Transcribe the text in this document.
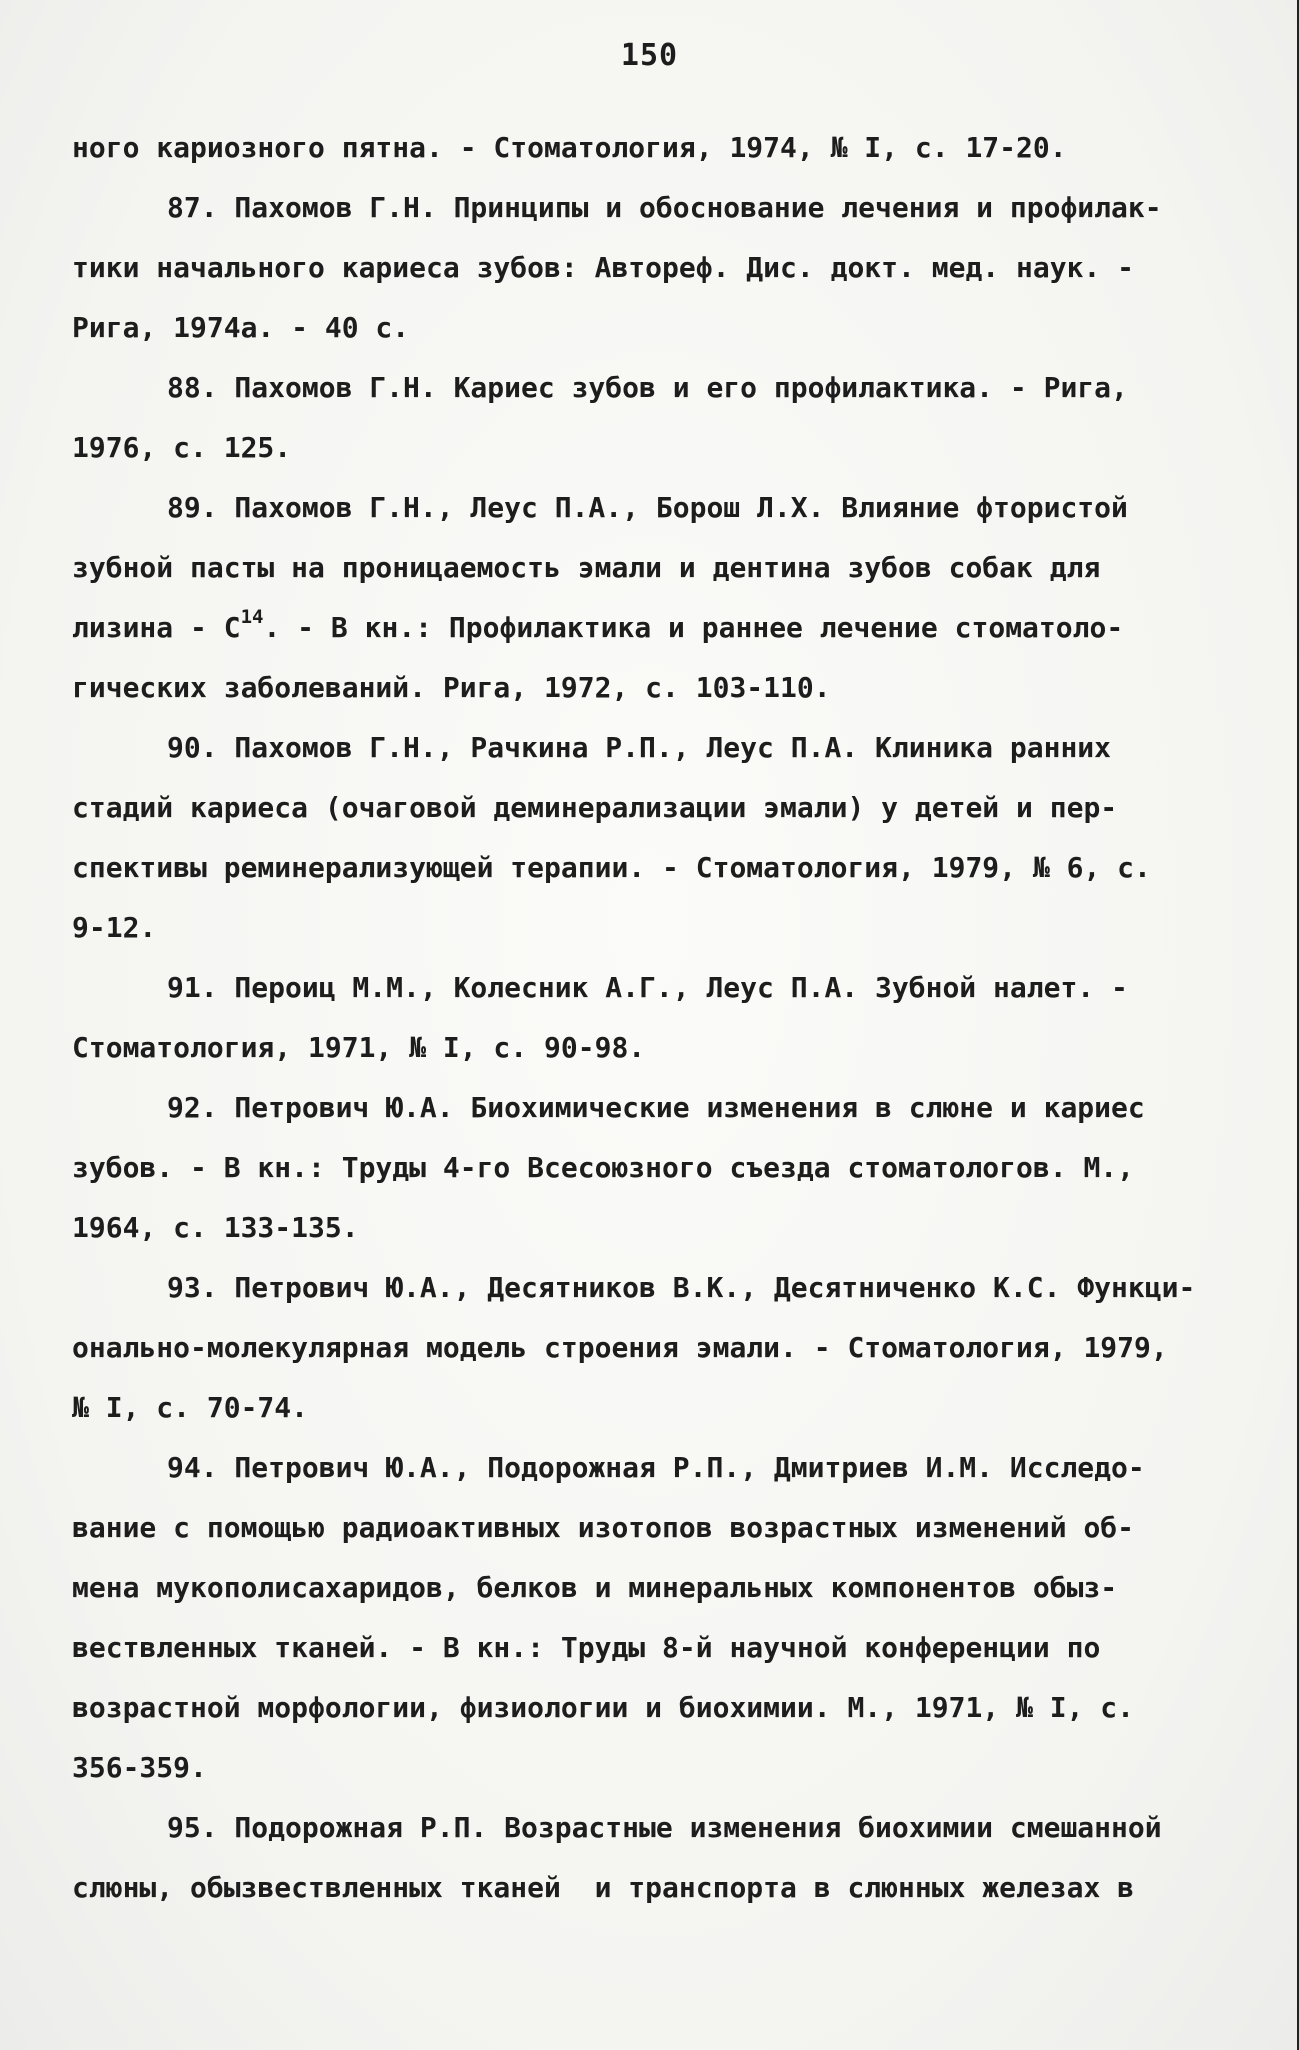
150
ного кариозного пятна. - Стоматология, 1974, № I, с. 17-20.
87. Пахомов Г.Н. Принципы и обоснование лечения и профилак-
тики начального кариеса зубов: Автореф. Дис. докт. мед. наук. -
Рига, 1974а. - 40 с.
88. Пахомов Г.Н. Кариес зубов и его профилактика. - Рига,
1976, с. 125.
89. Пахомов Г.Н., Леус П.А., Борош Л.Х. Влияние фтористой
зубной пасты на проницаемость эмали и дентина зубов собак для
лизина - $C^{14}$. - В кн.: Профилактика и раннее лечение стоматоло-
гических заболеваний. Рига, 1972, с. 103-110.
90. Пахомов Г.Н., Рачкина Р.П., Леус П.А. Клиника ранних
стадий кариеса (очаговой деминерализации эмали) у детей и пер-
спективы реминерализующей терапии. - Стоматология, 1979, № 6, с.
9-12.
91. Пероиц М.М., Колесник А.Г., Леус П.А. Зубной налет. -
Стоматология, 1971, № I, с. 90-98.
92. Петрович Ю.А. Биохимические изменения в слюне и кариес
зубов. - В кн.: Труды 4-го Всесоюзного съезда стоматологов. М.,
1964, с. 133-135.
93. Петрович Ю.А., Десятников В.К., Десятниченко К.С. Функци-
онально-молекулярная модель строения эмали. - Стоматология, 1979,
№ I, с. 70-74.
94. Петрович Ю.А., Подорожная Р.П., Дмитриев И.М. Исследо-
вание с помощью радиоактивных изотопов возрастных изменений об-
мена мукополисахаридов, белков и минеральных компонентов обыз-
вествленных тканей. - В кн.: Труды 8-й научной конференции по
возрастной морфологии, физиологии и биохимии. М., 1971, № I, с.
356-359.
95. Подорожная Р.П. Возрастные изменения биохимии смешанной
слюны, обызвествленных тканей  и транспорта в слюнных железах в
